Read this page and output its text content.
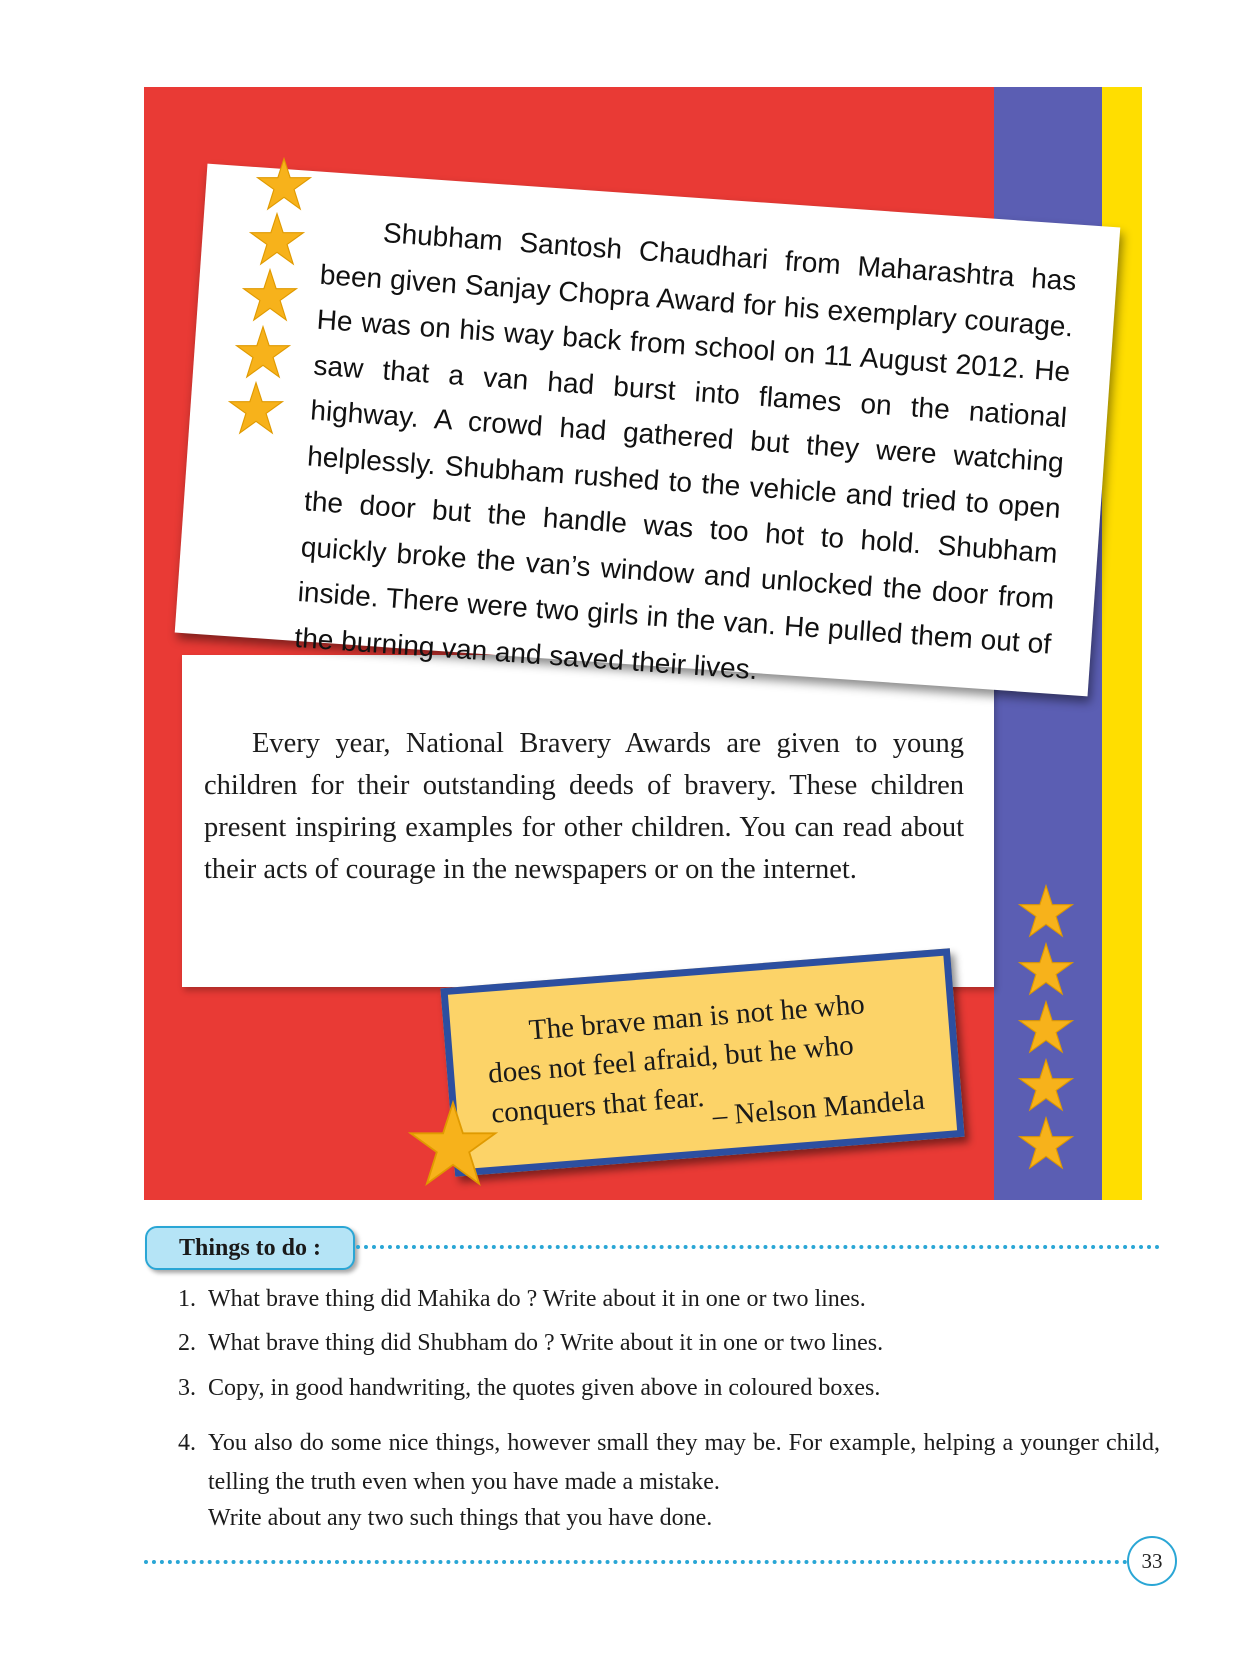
Every year, National Bravery Awards are given to young children for their outstanding deeds of bravery. These children present inspiring examples for other children. You can read about their acts of courage in the newspapers or on the internet.

Shubham Santosh Chaudhari from Maharashtra has been given Sanjay Chopra Award for his exemplary courage. He was on his way back from school on 11 August 2012. He saw that a van had burst into flames on the national highway. A crowd had gathered but they were watching helplessly. Shubham rushed to the vehicle and tried to open the door but the handle was too hot to hold. Shubham quickly broke the van’s window and unlocked the door from inside. There were two girls in the van. He pulled them out of the burning van and saved their lives.

The brave man is not he who does not feel afraid, but he who conquers that fear. – Nelson Mandela

Things to do :

1. What brave thing did Mahika do ? Write about it in one or two lines.

2. What brave thing did Shubham do ? Write about it in one or two lines.

3. Copy, in good handwriting, the quotes given above in coloured boxes.

4. You also do some nice things, however small they may be. For example, helping a younger child, telling the truth even when you have made a mistake.

Write about any two such things that you have done.

33
